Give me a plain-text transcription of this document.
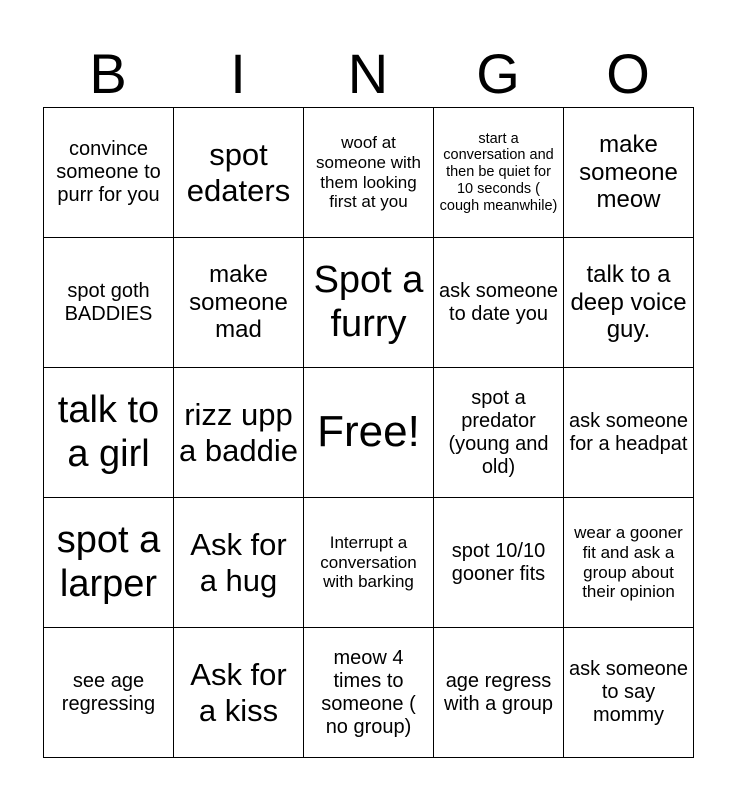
B	I	N	G	O
convince someone to purr for you	spot edaters	woof at someone with them looking first at you	start a conversation and then be quiet for 10 seconds ( cough meanwhile)	make someone meow
spot goth BADDIES	make someone mad	Spot a furry	ask someone to date you	talk to a deep voice guy.
talk to a girl	rizz upp a baddie	Free!	spot a predator (young and old)	ask someone for a headpat
spot a larper	Ask for a hug	Interrupt a conversation with barking	spot 10/10 gooner fits	wear a gooner fit and ask a group about their opinion
see age regressing	Ask for a kiss	meow 4 times to someone ( no group)	age regress with a group	ask someone to say mommy
